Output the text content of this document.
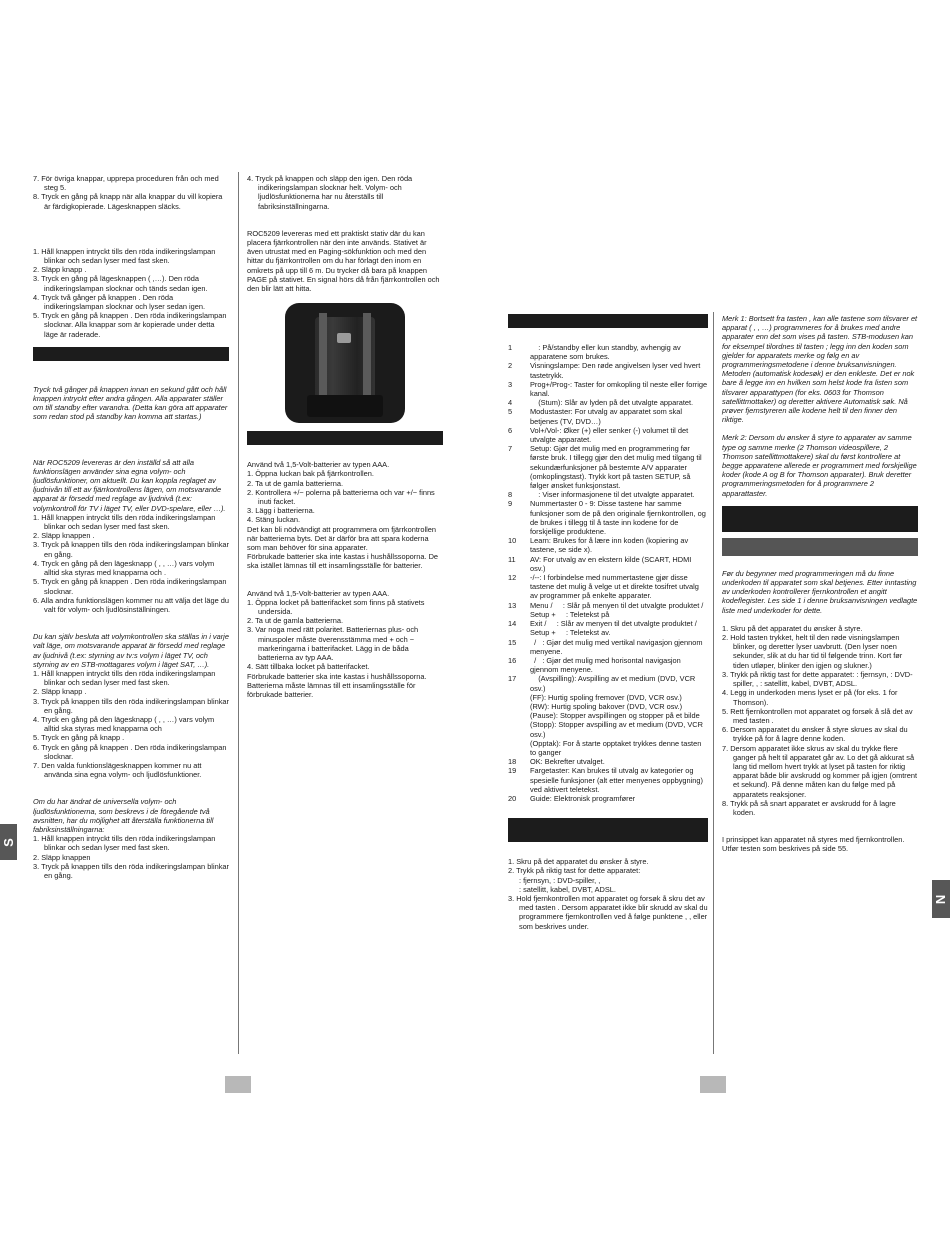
7. För övriga knappar, upprepa proceduren från och med steg 5.

8. Tryck en gång på knapp när alla knappar du vill kopiera är färdigkopierade. Lägesknappen släcks.

1. Håll knappen intryckt tills den röda indikeringslampan blinkar och sedan lyser med fast sken.

2. Släpp knapp .

3. Tryck en gång på lägesknappen ( ,…). Den röda indikeringslampan slocknar och tänds sedan igen.

4. Tryck två gånger på knappen . Den röda indikeringslampan slocknar och lyser sedan igen.

5. Tryck en gång på knappen . Den röda indikeringslampan slocknar. Alla knappar som är kopierade under detta läge är raderade.

Tryck två gånger på knappen innan en sekund gått och håll knappen intryckt efter andra gången. Alla apparater ställer om till standby efter varandra. (Detta kan göra att apparater som redan stod på standby kan komma att startas.)

När ROC5209 levereras är den inställd så att alla funktionslägen använder sina egna volym- och ljudlösfunktioner, om aktuellt. Du kan koppla reglaget av ljudnivån till ett av fjärrkontrollens lägen, om motsvarande apparat är försedd med reglage av ljudnivå (t.ex: volymkontroll för TV i läget TV, eller DVD-spelare, eller …).

1. Håll knappen intryckt tills den röda indikeringslampan blinkar och sedan lyser med fast sken.

2. Släpp knappen .

3. Tryck på knappen tills den röda indikeringslampan blinkar en gång.

4. Tryck en gång på den lägesknapp ( , , …) vars volym alltid ska styras med knapparna och .

5. Tryck en gång på knappen . Den röda indikeringslampan slocknar.

6. Alla andra funktionslägen kommer nu att välja det läge du valt för volym- och ljudlösinställningen.

Du kan själv besluta att volymkontrollen ska ställas in i varje valt läge, om motsvarande apparat är försedd med reglage av ljudnivå (t.ex: styrning av tv:s volym i läget TV, och styrning av en STB-mottagares volym i läget SAT, …).

1. Håll knappen intryckt tills den röda indikeringslampan blinkar och sedan lyser med fast sken.

2. Släpp knapp .

3. Tryck på knappen tills den röda indikeringslampan blinkar en gång.

4. Tryck en gång på den lägesknapp ( , , …) vars volym alltid ska styras med knapparna och

5. Tryck en gång på knapp .

6. Tryck en gång på knappen . Den röda indikeringslampan slocknar.

7. Den valda funktionslägesknappen kommer nu att använda sina egna volym- och ljudlösfunktioner.

Om du har ändrat de universella volym- och ljudlösfunktionerna, som beskrevs i de föregående två avsnitten, har du möjlighet att återställa funktionerna till fabriksinställningarna:

1. Håll knappen intryckt tills den röda indikeringslampan blinkar och sedan lyser med fast sken.

2. Släpp knappen

3. Tryck på knappen tills den röda indikeringslampan blinkar en gång.

4. Tryck på knappen och släpp den igen. Den röda indikeringslampan slocknar helt. Volym- och ljudlösfunktionerna har nu återställs till fabriksinställningarna.

ROC5209 levereras med ett praktiskt stativ där du kan placera fjärrkontrollen när den inte används. Stativet är även utrustat med en Paging-sökfunktion och med den hittar du fjärrkontrollen om du har förlagt den inom en omkrets på upp till 6 m. Du trycker då bara på knappen PAGE på stativet. En signal hörs då från fjärrkontrollen och den blir lätt att hitta.

Använd två 1,5-Volt-batterier av typen AAA.

1. Öppna luckan bak på fjärrkontrollen.

2. Ta ut de gamla batterierna.

2. Kontrollera +/− polerna på batterierna och var +/− finns inuti facket.

3. Lägg i batterierna.

4. Stäng luckan.

Det kan bli nödvändigt att programmera om fjärrkontrollen när batterierna byts. Det är därför bra att spara koderna som man behöver för sina apparater.

Förbrukade batterier ska inte kastas i hushållssoporna. De ska istället lämnas till ett insamlingsställe för batterier.

Använd två 1,5-Volt-batterier av typen AAA.

1. Öppna locket på batterifacket som finns på stativets undersida.

2. Ta ut de gamla batterierna.

3. Var noga med rätt polaritet. Batteriernas plus- och minuspoler måste överensstämma med + och − markeringarna i batterifacket. Lägg in de båda batterierna av typ AAA.

4. Sätt tillbaka locket på batterifacket.

Förbrukade batterier ska inte kastas i hushållssoporna. Batterierna måste lämnas till ett insamlingsställe för förbrukade batterier.

S
1	: På/standby eller kun standby, avhengig av apparatene som brukes.
2	Visningslampe: Den røde angivelsen lyser ved hvert tastetrykk.
3	Prog+/Prog-: Taster for omkopling til neste eller forrige kanal.
4	(Stum): Slår av lyden på det utvalgte apparatet.
5	Modustaster: For utvalg av apparatet som skal betjenes (TV, DVD…)
6	Vol+/Vol-: Øker (+) eller senker (-) volumet til det utvalgte apparatet.
7	Setup: Gjør det mulig med en programmering før første bruk. I tillegg gjør den det mulig med tilgang til sekundærfunksjoner på bestemte A/V apparater (omkoplingstast). Trykk kort på tasten SETUP, så følger ønsket funksjonstast.
8	: Viser informasjonene til det utvalgte apparatet.
9	Nummertaster 0 - 9: Disse tastene har samme funksjoner som de på den originale fjernkontrollen, og de brukes i tillegg til å taste inn kodene for de forskjellige produktene.
10	Learn: Brukes for å lære inn koden (kopiering av tastene, se side x).
11	AV: For utvalg av en ekstern kilde (SCART, HDMI osv.)
12	-/--: I forbindelse med nummertastene gjør disse tastene det mulig å velge ut et direkte tosifret utvalg av programmer på enkelte apparater.
13	Menu /     : Slår på menyen til det utvalgte produktet / Setup +     : Teletekst på
14	Exit /     : Slår av menyen til det utvalgte produktet / Setup +     : Teletekst av.
15	/   : Gjør det mulig med vertikal navigasjon gjennom menyene.
16	/   : Gjør det mulig med horisontal navigasjon gjennom menyene.
17	(Avspilling): Avspilling av et medium (DVD, VCR osv.)

(FF): Hurtig spoling fremover (DVD, VCR osv.)

(RW): Hurtig spoling bakover (DVD, VCR osv.)

(Pause): Stopper avspillingen og stopper på et bilde

(Stopp): Stopper avspilling av et medium (DVD, VCR osv.)

(Opptak): For å starte opptaket trykkes denne tasten to ganger

18	OK: Bekrefter utvalget.
19	Fargetaster: Kan brukes til utvalg av kategorier og spesielle funksjoner (alt etter menyenes oppbygning) ved aktivert teletekst.
20	Guide: Elektronisk programfører

1. Skru på det apparatet du ønsker å styre.

2. Trykk på riktig tast for dette apparatet:

: fjernsyn, : DVD-spiller, ,

: satellitt, kabel, DVBT, ADSL.

3. Hold fjernkontrollen mot apparatet og forsøk å skru det av med tasten . Dersom apparatet ikke blir skrudd av skal du programmere fjernkontrollen ved å følge punktene , , eller som beskrives under.

Merk 1: Bortsett fra tasten , kan alle tastene som tilsvarer et apparat ( , , …) programmeres for å brukes med andre apparater enn det som vises på tasten. STB-modusen kan for eksempel tilordnes til tasten ; legg inn den koden som gjelder for apparatets merke og følg en av programmeringsmetodene i denne bruksanvisningen. Metoden (automatisk kodesøk) er den enkleste. Det er nok bare å legge inn en hvilken som helst kode fra listen som tilsvarer apparattypen (for eks. 0603 for Thomson satellittmottaker) og deretter aktivere Automatisk søk. Nå prøver fjernstyreren alle kodene helt til den finner den riktige.

Merk 2: Dersom du ønsker å styre to apparater av samme type og samme merke (2 Thomson videospillere, 2 Thomson satellittmottakere) skal du først kontrollere at begge apparatene allerede er programmert med forskjellige koder (kode A og B for Thomson apparater). Bruk deretter programmeringsmetoden for å programmere 2 apparattaster.

Før du begynner med programmeringen må du finne underkoden til apparatet som skal betjenes. Etter inntasting av underkoden kontrollerer fjernkontrollen et angitt kodeflegister. Les side 1 i denne bruksanvisningen vedlagte liste med underkoder for dette.

1. Skru på det apparatet du ønsker å styre.

2. Hold tasten trykket, helt til den røde visningslampen blinker, og deretter lyser uavbrutt. (Den lyser noen sekunder, slik at du har tid til følgende trinn. Kort før tiden utløper, blinker den igjen og slukner.)

3. Trykk på riktig tast for dette apparatet: : fjernsyn, : DVD-spiller, , : satellitt, kabel, DVBT, ADSL.

4. Legg in underkoden mens lyset er på (for eks. 1 for Thomson).

5. Rett fjernkontrollen mot apparatet og forsøk å slå det av med tasten .

6. Dersom apparatet du ønsker å styre skrues av skal du trykke på for å lagre denne koden.

7. Dersom apparatet ikke skrus av skal du trykke flere ganger på helt til apparatet går av. Lo det gå akkurat så lang tid mellom hvert trykk at lyset på tasten for riktig apparat både blir avskrudd og kommer på igjen (omtrent et sekund). På denne måten kan du følge med på apparatets reaksjoner.

8. Trykk på så snart apparatet er avskrudd for å lagre koden.

I prinsippet kan apparatet nå styres med fjernkontrollen.

Utfør testen som beskrives på side 55.

N
